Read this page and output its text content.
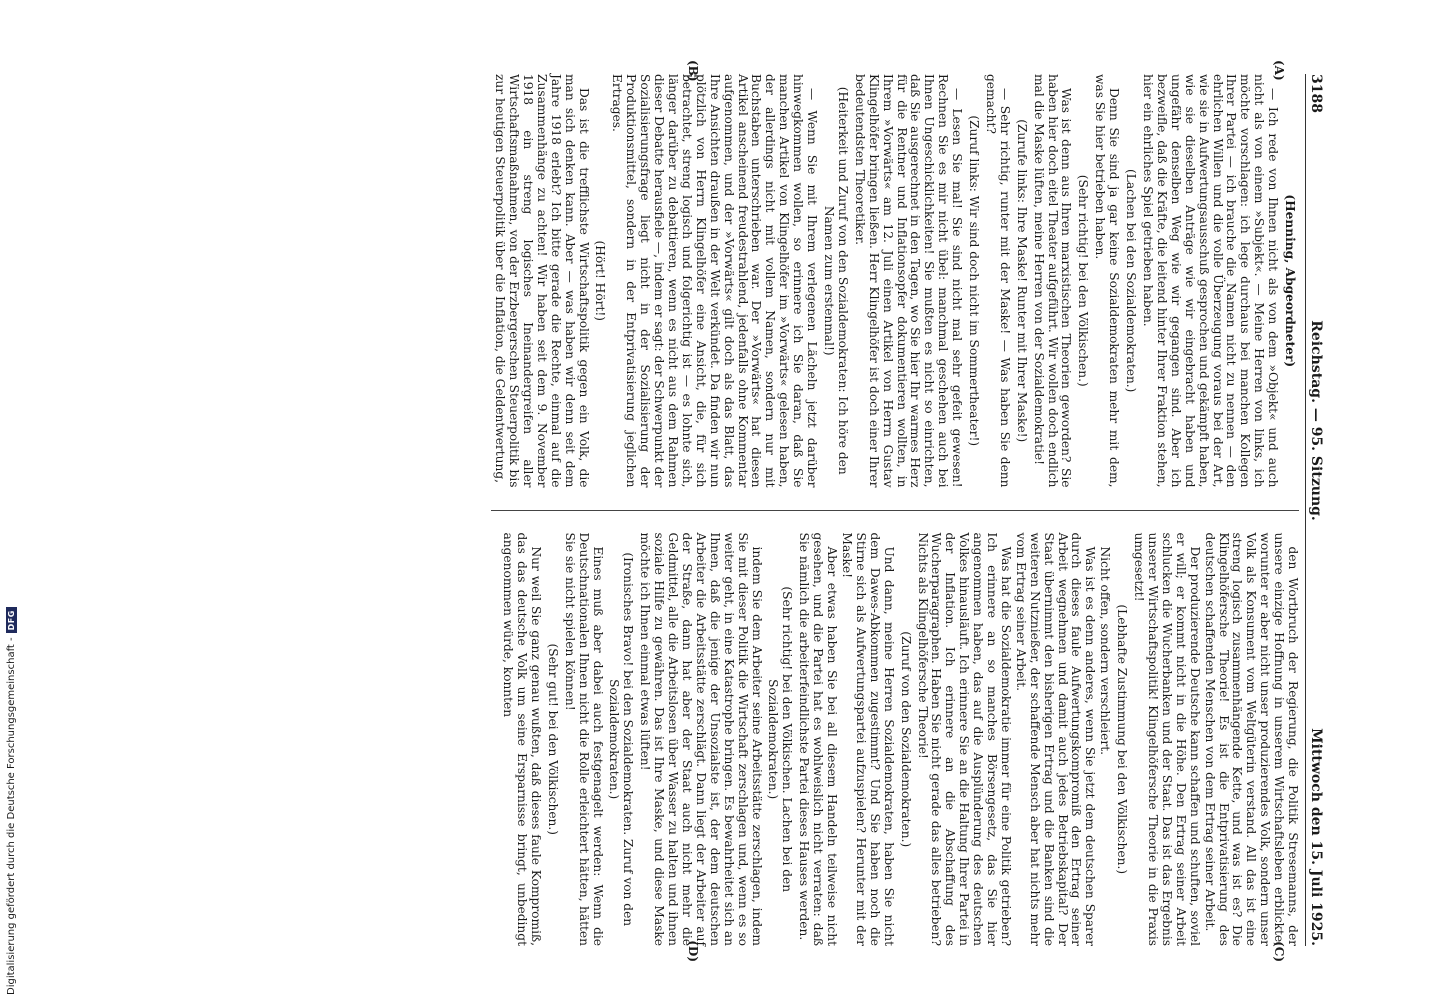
Digitalisierung gefördert durch die Deutsche Forschungsgemeinschaft -
DFG
3188
Reichstag. — 95. Sitzung.
Mittwoch den 15. Juli 1925.
(A)
(B)
(Henning, Abgeordneter)

— Ich rede von Ihnen nicht als von dem »Objekt« und auch nicht als von einem »Subjekt«. — Meine Herren von links, ich möchte vorschlagen: ich lege durchaus bei manchen Kollegen Ihrer Partei — ich brauche die Namen nicht zu nennen — den ehrlichen Willen und die volle Überzeugung voraus bei der Art, wie sie in Aufwertungsausschuß gesprochen und gekämpft haben, wie sie dieselben Anträge wie wir eingebracht haben und ungefähr denselben Weg wie wir gegangen sind. Aber ich bezweifle, daß die Kräfte, die leitend hinter Ihrer Fraktion stehen, hier ein ehrliches Spiel getrieben haben.

(Lachen bei den Sozialdemokraten.)

Denn Sie sind ja gar keine Sozialdemokraten mehr mit dem, was Sie hier betrieben haben.

(Sehr richtig! bei den Völkischen.)

Was ist denn aus Ihren marxistischen Theorien geworden? Sie haben hier doch eitel Theater aufgeführt. Wir wollen doch endlich mal die Maske lüften, meine Herren von der Sozialdemokratie!

(Zurufe links: Ihre Maske! Runter mit Ihrer Maske!)

— Sehr richtig, runter mit der Maske! — Was haben Sie denn gemacht?

(Zuruf links: Wir sind doch nicht im Sommertheater!)

— Lesen Sie mal! Sie sind nicht mal sehr gefeit gewesen! Rechnen Sie es mir nicht übel: manchmal geschehen auch bei Ihnen Ungeschicklichkeiten! Sie mußten es nicht so einrichten, daß Sie ausgerechnet in den Tagen, wo Sie hier Ihr warmes Herz für die Rentner und Inflationsopfer dokumentieren wollten, in Ihrem »Vorwärts« am 12. Juli einen Artikel von Herrn Gustav Klingelhöfer bringen ließen. Herr Klingelhöfer ist doch einer Ihrer bedeutendsten Theoretiker.

(Heiterkeit und Zuruf von den Sozialdemokraten: Ich höre den Namen zum erstenmal!)

— Wenn Sie mit Ihrem verlegenen Lächeln jetzt darüber hinwegkommen wollen, so erinnere ich Sie daran, daß Sie manchen Artikel von Klingelhöfer im »Vorwärts« gelesen haben, der allerdings nicht mit vollem Namen, sondern nur mit Buchstaben unterschrieben war. Der »Vorwärts« hat diesen Artikel anscheinend freudestrahlend, jedenfalls ohne Kommentar aufgenommen, und der »Vorwärts« gilt doch als das Blatt, das Ihre Ansichten draußen in der Welt verkündet. Da finden wir nun plötzlich von Herrn Klingelhöfer eine Ansicht, die, für sich betrachtet, streng logisch und folgerichtig ist — es lohnte sich, länger darüber zu debattieren, wenn es nicht aus dem Rahmen dieser Debatte herausfiele —, indem er sagt: der Schwerpunkt der Sozialisierungsfrage liegt nicht in der Sozialisierung der Produktionsmittel, sondern in der Entprivatisierung jeglichen Ertrages.

(Hört! Hört!)

Das ist die trefflichste Wirtschaftspolitik gegen ein Volk, die man sich denken kann. Aber — was haben wir denn seit dem Jahre 1918 erlebt? Ich bitte gerade die Rechte, einmal auf die Zusammenhänge zu achten! Wir haben seit dem 9. November 1918 ein streng logisches Ineinandergreifen aller Wirtschaftsmaßnahmen, von der Erzbergerschen Steuerpolitik bis zur heutigen Steuerpolitik über die Inflation, die Geldentwertung,

(C)
(D)

den Wortbruch der Regierung, die Politik Stresemanns, der unsere einzige Hoffnung in unserem Wirtschaftsleben erblickte, worunter er aber nicht unser produzierendes Volk, sondern unser Volk als Konsument vom Weltgüterin verstand. All das ist eine streng logisch zusammenhängende Kette, und was ist es? Die Klingelhöfersche Theorie! Es ist die Entprivatisierung des deutschen schaffenden Menschen von dem Ertrag seiner Arbeit.

Der produzierende Deutsche kann schaffen und schuften, soviel er will; er kommt nicht in die Höhe. Den Ertrag seiner Arbeit schlucken die Wucherbanken und der Staat. Das ist das Ergebnis unserer Wirtschaftspolitik! Klingelhöfersche Theorie in die Praxis umgesetzt!

(Lebhafte Zustimmung bei den Völkischen.)

Nicht offen, sondern verschleiert.

Was ist es denn anderes, wenn Sie jetzt dem deutschen Sparer durch dieses faule Aufwertungskompromiß den Ertrag seiner Arbeit wegnehmen und damit auch jedes Betriebskapital? Der Staat übernimmt den bisherigen Ertrag und die Banken sind die weiteren Nutznießer, der schaffende Mensch aber hat nichts mehr vom Ertrag seiner Arbeit.

Was hat die Sozialdemokratie immer für eine Politik getrieben? Ich erinnere an so manches Börsengesetz, das Sie hier angenommen haben, das auf die Ausplünderung des deutschen Volkes hinausläuft. Ich erinnere Sie an die Haltung Ihrer Partei in der Inflation. Ich erinnere an die Abschaffung des Wucherparagraphen. Haben Sie nicht gerade das alles betrieben? Nichts als Klingelhöfersche Theorie!

(Zuruf von den Sozialdemokraten.)

Und dann, meine Herren Sozialdemokraten, haben Sie nicht dem Dawes-Abkommen zugestimmt? Und Sie haben noch die Stirne sich als Aufwertungspartei aufzuspielen? Herunter mit der Maske!

Aber etwas haben Sie bei all diesem Handeln teilweise nicht gesehen, und die Partei hat es wohlweislich nicht verraten: daß Sie nämlich die arbeiterfeindlichste Partei dieses Hauses werden.

(Sehr richtig! bei den Völkischen. Lachen bei den Sozialdemokraten.)

indem Sie dem Arbeiter seine Arbeitsstätte zerschlagen, indem Sie mit dieser Politik die Wirtschaft zerschlagen und, wenn es so weiter geht, in eine Katastrophe bringen. Es bewahrheitet sich an Ihnen, daß die jenige der Unsozialste ist, der dem deutschen Arbeiter die Arbeitsstätte zerschlägt. Dann liegt der Arbeiter auf der Straße, dann hat aber der Staat auch nicht mehr die Geldmittel, alle die Arbeitslosen über Wasser zu halten und ihnen soziale Hilfe zu gewähren. Das ist Ihre Maske, und diese Maske möchte ich Ihnen einmal etwas lüften!

(Ironisches Bravo! bei den Sozialdemokraten. Zuruf von den Sozialdemokraten.)

Eines muß aber dabei auch festgenagelt werden: Wenn die Deutschnationalen Ihnen nicht die Rolle erleichtert hätten, hätten Sie sie nicht spielen können!

(Sehr gut! bei den Völkischen.)

Nur weil Sie ganz genau wußten, daß dieses faule Kompromiß, das das deutsche Volk um seine Ersparnisse bringt, unbedingt angenommen würde, konnten
